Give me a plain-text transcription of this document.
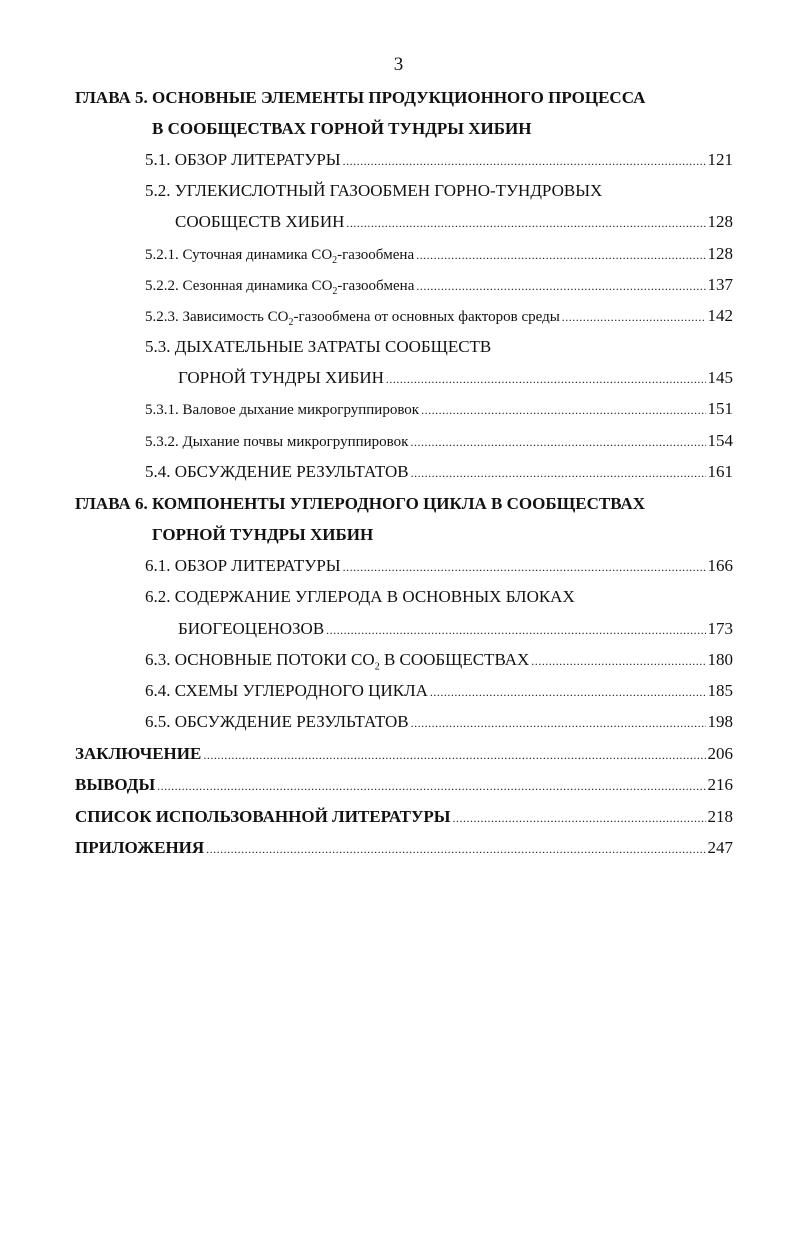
3
ГЛАВА 5. ОСНОВНЫЕ ЭЛЕМЕНТЫ ПРОДУКЦИОННОГО ПРОЦЕССА
В СООБЩЕСТВАХ ГОРНОЙ ТУНДРЫ ХИБИН
5.1. ОБЗОР ЛИТЕРАТУРЫ .....	121
5.2. УГЛЕКИСЛОТНЫЙ ГАЗООБМЕН ГОРНО-ТУНДРОВЫХ
СООБЩЕСТВ ХИБИН .....	128
5.2.1. Суточная динамика $CO_2$-газообмена .....	128
5.2.2. Сезонная динамика $CO_2$-газообмена .....	137
5.2.3. Зависимость $CO_2$-газообмена от основных факторов среды .....	142
5.3. ДЫХАТЕЛЬНЫЕ ЗАТРАТЫ СООБЩЕСТВ
ГОРНОЙ ТУНДРЫ ХИБИН .....	145
5.3.1. Валовое дыхание микрогруппировок .....	151
5.3.2. Дыхание почвы микрогруппировок .....	154
5.4. ОБСУЖДЕНИЕ РЕЗУЛЬТАТОВ .....	161
ГЛАВА 6. КОМПОНЕНТЫ УГЛЕРОДНОГО ЦИКЛА В СООБЩЕСТВАХ
ГОРНОЙ ТУНДРЫ ХИБИН
6.1. ОБЗОР ЛИТЕРАТУРЫ .....	166
6.2. СОДЕРЖАНИЕ УГЛЕРОДА В ОСНОВНЫХ БЛОКАХ
БИОГЕОЦЕНОЗОВ .....	173
6.3. ОСНОВНЫЕ ПОТОКИ $CO_2$ В СООБЩЕСТВАХ .....	180
6.4. СХЕМЫ УГЛЕРОДНОГО ЦИКЛА .....	185
6.5. ОБСУЖДЕНИЕ РЕЗУЛЬТАТОВ .....	198
ЗАКЛЮЧЕНИЕ .....	206
ВЫВОДЫ .....	216
СПИСОК ИСПОЛЬЗОВАННОЙ ЛИТЕРАТУРЫ .....	218
ПРИЛОЖЕНИЯ .....	247
